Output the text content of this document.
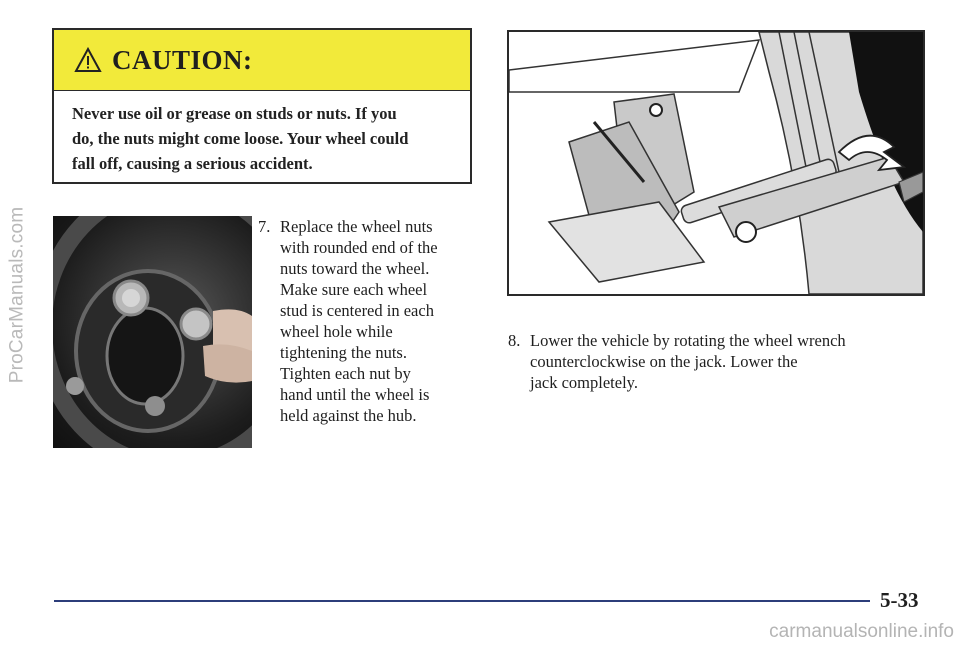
ProCarManuals.com
CAUTION:
Never use oil or grease on studs or nuts. If you
do, the nuts might come loose. Your wheel could
fall off, causing a serious accident.
7. Replace the wheel nuts
with rounded end of the
nuts toward the wheel.
Make sure each wheel
stud is centered in each
wheel hole while
tightening the nuts.
Tighten each nut by
hand until the wheel is
held against the hub.
8. Lower the vehicle by rotating the wheel wrench
counterclockwise on the jack. Lower the
jack completely.
5-33
carmanualsonline.info
